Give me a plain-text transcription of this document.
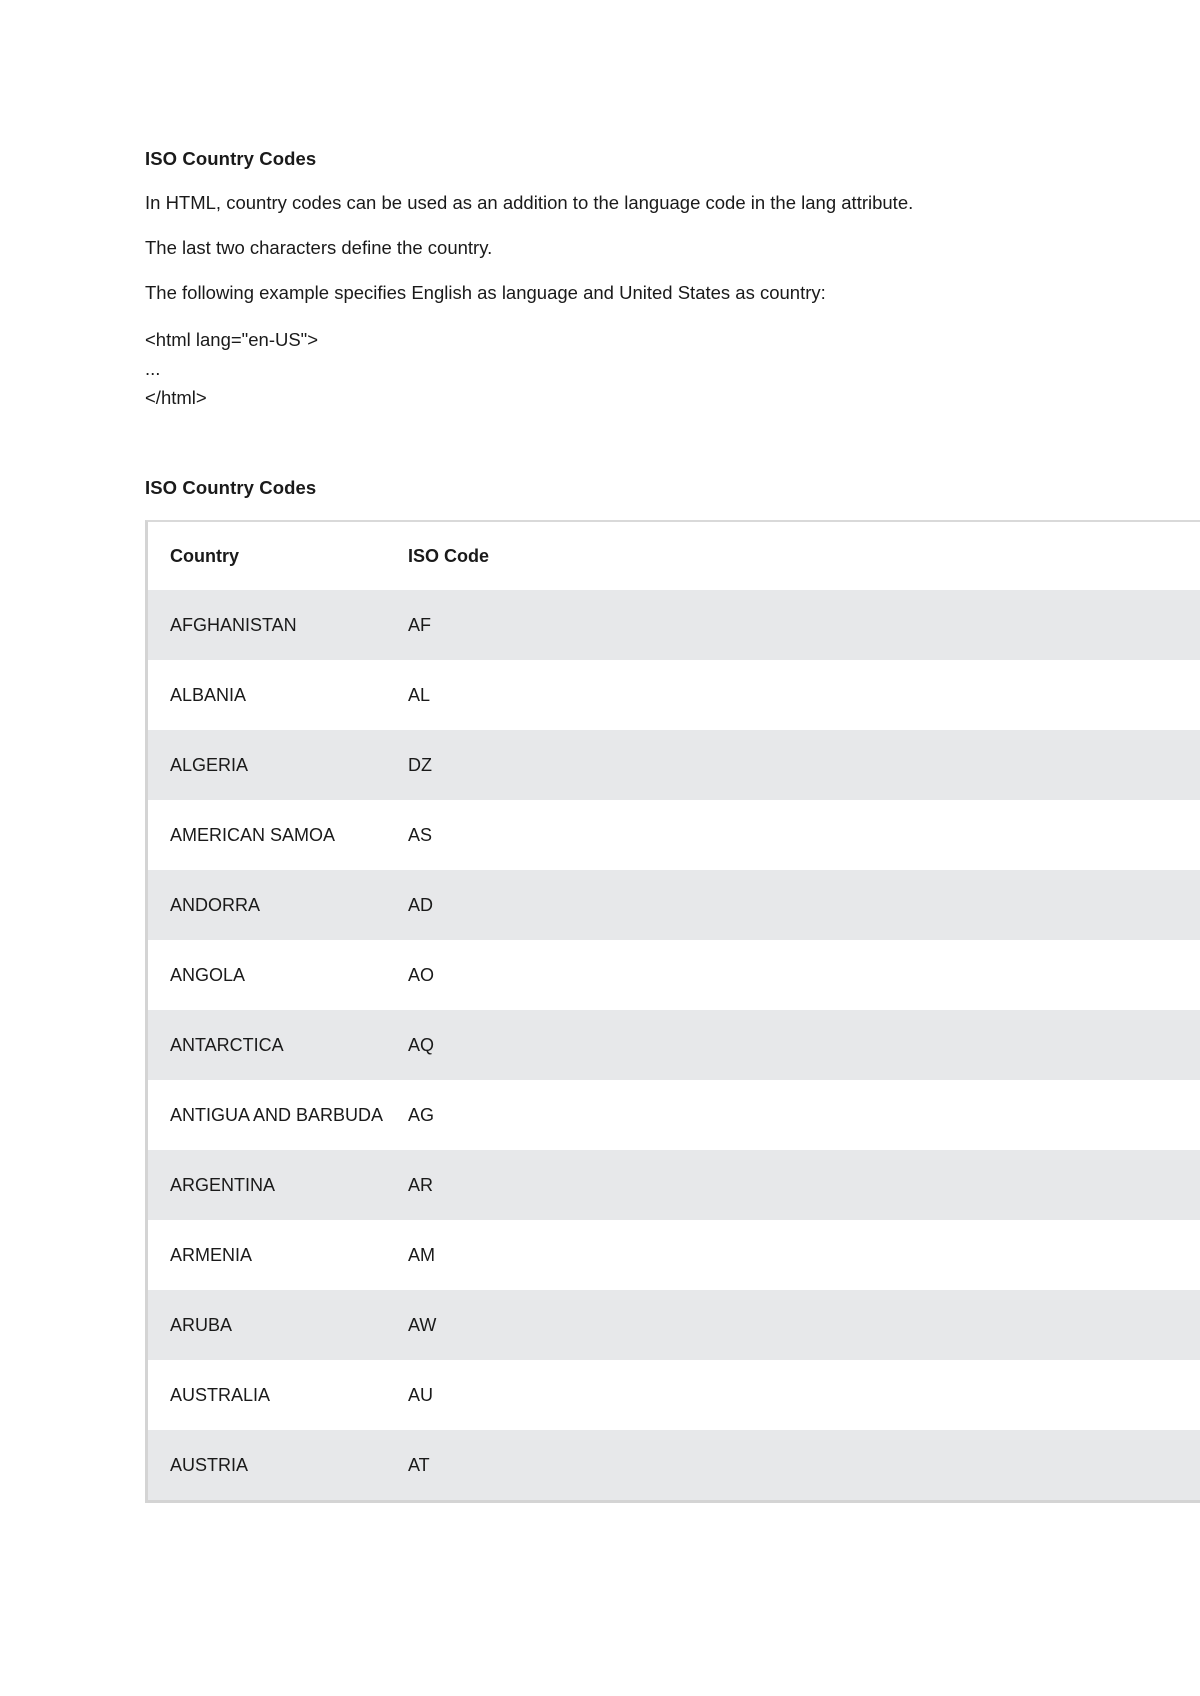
ISO Country Codes

In HTML, country codes can be used as an addition to the language code in the lang attribute.

The last two characters define the country.

The following example specifies English as language and United States as country:

<html lang="en-US">
...
</html>

ISO Country Codes

Country	ISO Code
AFGHANISTAN	AF
ALBANIA	AL
ALGERIA	DZ
AMERICAN SAMOA	AS
ANDORRA	AD
ANGOLA	AO
ANTARCTICA	AQ
ANTIGUA AND BARBUDA	AG
ARGENTINA	AR
ARMENIA	AM
ARUBA	AW
AUSTRALIA	AU
AUSTRIA	AT
